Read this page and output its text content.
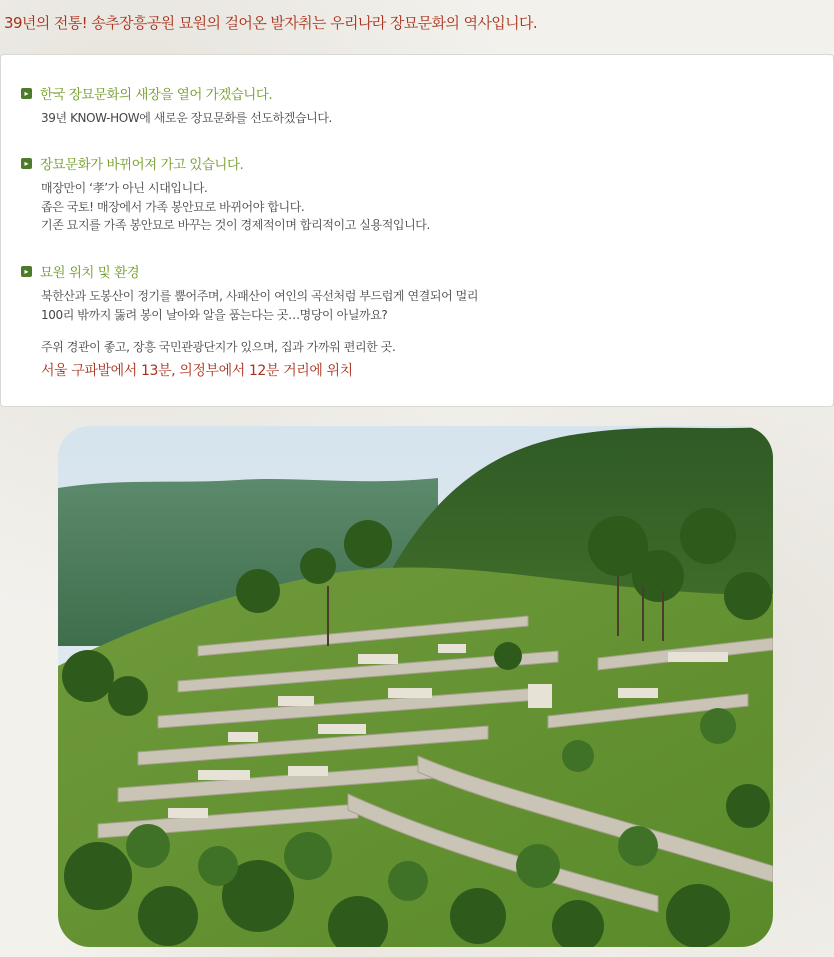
39년의 전통! 송추장흥공원 묘원의 걸어온 발자취는 우리나라 장묘문화의 역사입니다.
▸ 한국 장묘문화의 새장을 열어 가겠습니다.
39년 KNOW-HOW에 새로운 장묘문화를 선도하겠습니다.
▸ 장묘문화가 바뀌어져 가고 있습니다.
매장만이 ‘孝’가 아닌 시대입니다.
좁은 국토! 매장에서 가족 봉안묘로 바뀌어야 합니다.
기존 묘지를 가족 봉안묘로 바꾸는 것이 경제적이며 합리적이고 실용적입니다.
▸ 묘원 위치 및 환경
북한산과 도봉산이 정기를 뿜어주며, 사패산이 여인의 곡선처럼 부드럽게 연결되어 멀리
100리 밖까지 뚫려 봉이 날아와 알을 품는다는 곳…명당이 아닐까요?
주위 경관이 좋고, 장흥 국민관광단지가 있으며, 집과 가까워 편리한 곳.
서울 구파발에서 13분, 의정부에서 12분 거리에 위치
